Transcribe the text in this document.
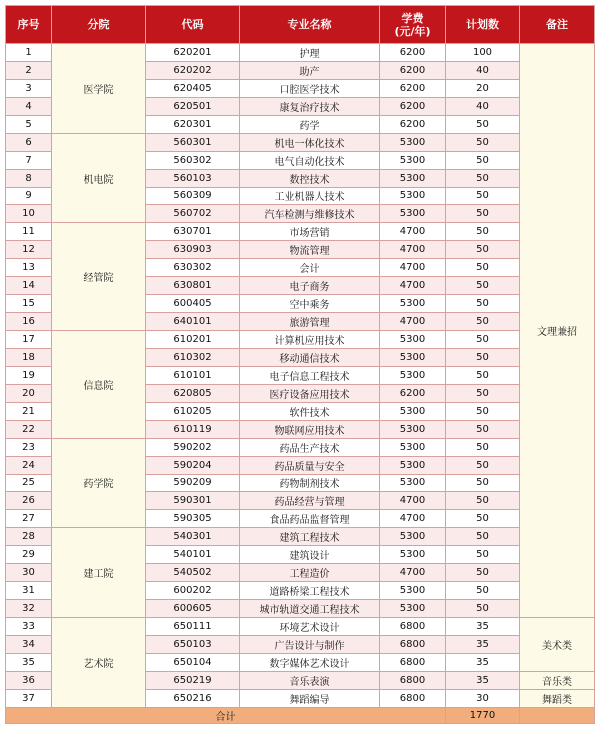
序号	分院	代码	专业名称	学费
(元/年)	计划数	备注
1	医学院	620201	护理	6200	100	文理兼招
2		620202	助产	6200	40	
3		620405	口腔医学技术	6200	20	
4		620501	康复治疗技术	6200	40	
5		620301	药学	6200	50	
6	机电院	560301	机电一体化技术	5300	50	
7		560302	电气自动化技术	5300	50	
8		560103	数控技术	5300	50	
9		560309	工业机器人技术	5300	50	
10		560702	汽车检测与维修技术	5300	50	
11	经管院	630701	市场营销	4700	50	
12		630903	物流管理	4700	50	
13		630302	会计	4700	50	
14		630801	电子商务	4700	50	
15		600405	空中乘务	5300	50	
16		640101	旅游管理	4700	50	
17	信息院	610201	计算机应用技术	5300	50	
18		610302	移动通信技术	5300	50	
19		610101	电子信息工程技术	5300	50	
20		620805	医疗设备应用技术	6200	50	
21		610205	软件技术	5300	50	
22		610119	物联网应用技术	5300	50	
23	药学院	590202	药品生产技术	5300	50	
24		590204	药品质量与安全	5300	50	
25		590209	药物制剂技术	5300	50	
26		590301	药品经营与管理	4700	50	
27		590305	食品药品监督管理	4700	50	
28	建工院	540301	建筑工程技术	5300	50	
29		540101	建筑设计	5300	50	
30		540502	工程造价	4700	50	
31		600202	道路桥梁工程技术	5300	50	
32		600605	城市轨道交通工程技术	5300	50	
33	艺术院	650111	环境艺术设计	6800	35	美术类
34		650103	广告设计与制作	6800	35	
35		650104	数字媒体艺术设计	6800	35	
36		650219	音乐表演	6800	35	音乐类
37		650216	舞蹈编导	6800	30	舞蹈类
合计					1770	
